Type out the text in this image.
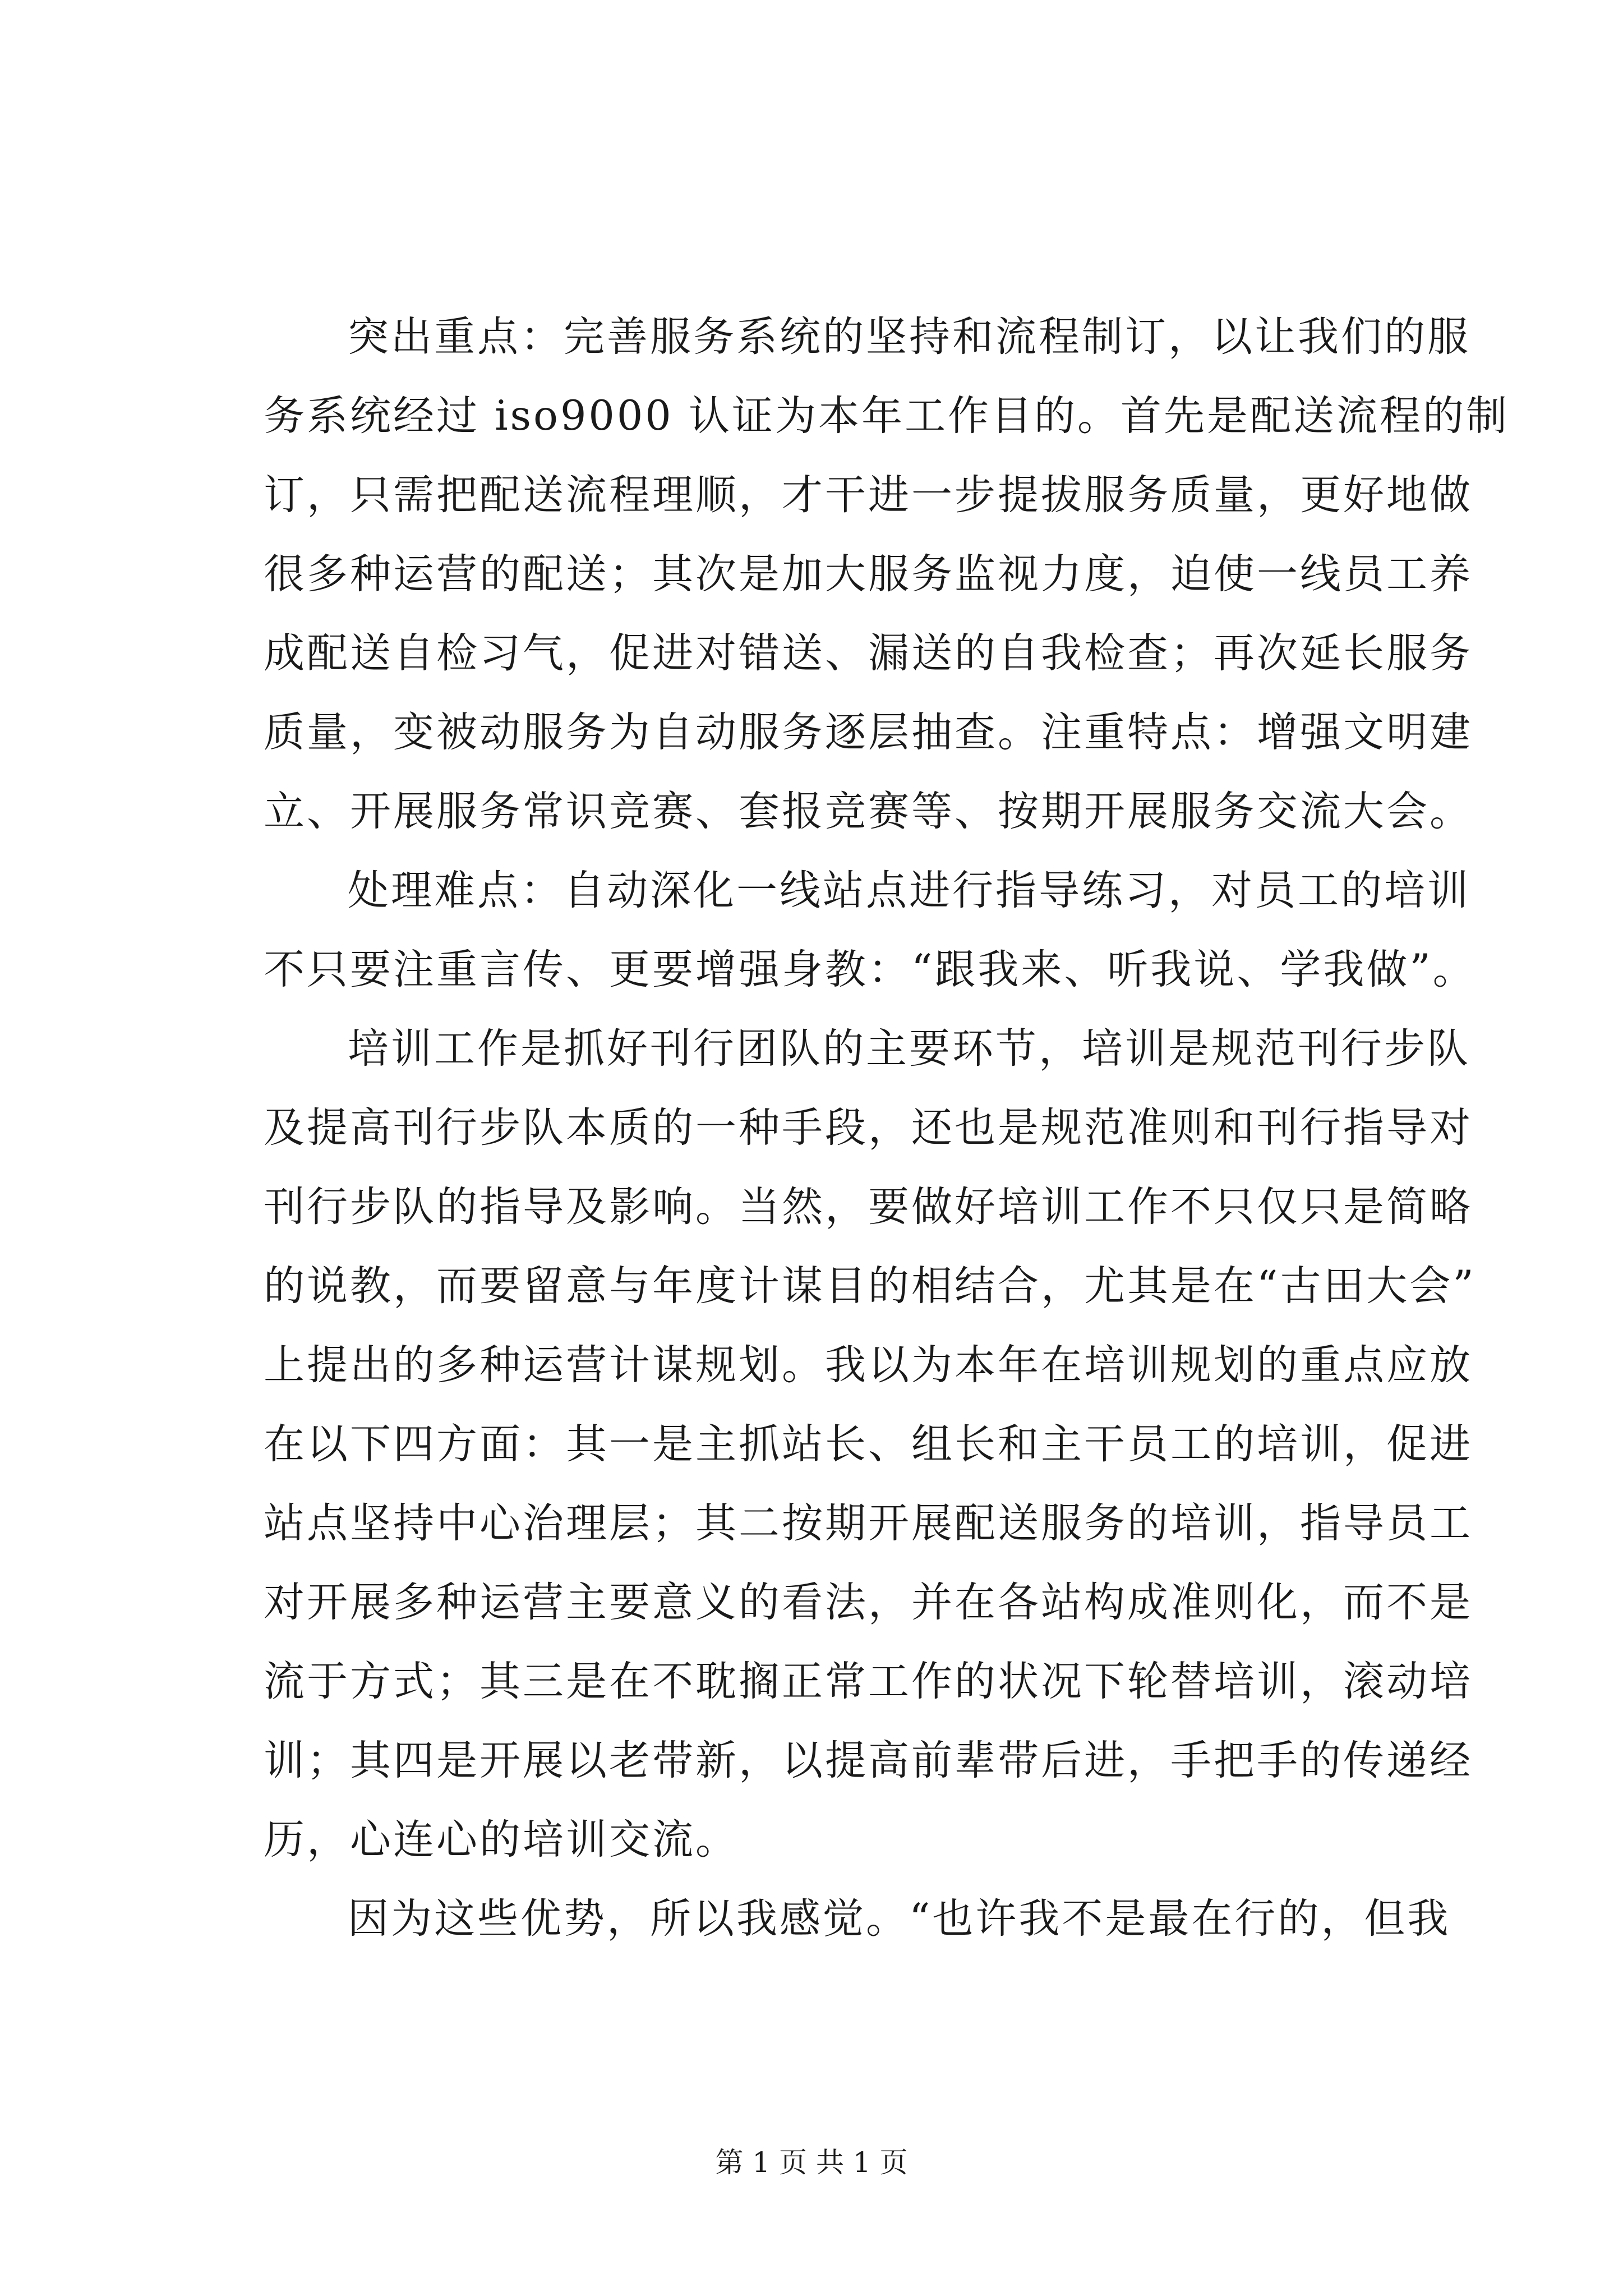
突出重点：完善服务系统的坚持和流程制订，以让我们的服
务系统经过 iso9000 认证为本年工作目的。首先是配送流程的制
订，只需把配送流程理顺，才干进一步提拔服务质量，更好地做
很多种运营的配送；其次是加大服务监视力度，迫使一线员工养
成配送自检习气，促进对错送、漏送的自我检查；再次延长服务
质量，变被动服务为自动服务逐层抽查。注重特点：增强文明建
立、开展服务常识竞赛、套报竞赛等、按期开展服务交流大会。
处理难点：自动深化一线站点进行指导练习，对员工的培训
不只要注重言传、更要增强身教：“跟我来、听我说、学我做”。
培训工作是抓好刊行团队的主要环节，培训是规范刊行步队
及提高刊行步队本质的一种手段，还也是规范准则和刊行指导对
刊行步队的指导及影响。当然，要做好培训工作不只仅只是简略
的说教，而要留意与年度计谋目的相结合，尤其是在“古田大会”
上提出的多种运营计谋规划。我以为本年在培训规划的重点应放
在以下四方面：其一是主抓站长、组长和主干员工的培训，促进
站点坚持中心治理层；其二按期开展配送服务的培训，指导员工
对开展多种运营主要意义的看法，并在各站构成准则化，而不是
流于方式；其三是在不耽搁正常工作的状况下轮替培训，滚动培
训；其四是开展以老带新，以提高前辈带后进，手把手的传递经
历，心连心的培训交流。
因为这些优势，所以我感觉。“也许我不是最在行的，但我
第 1 页 共 1 页
